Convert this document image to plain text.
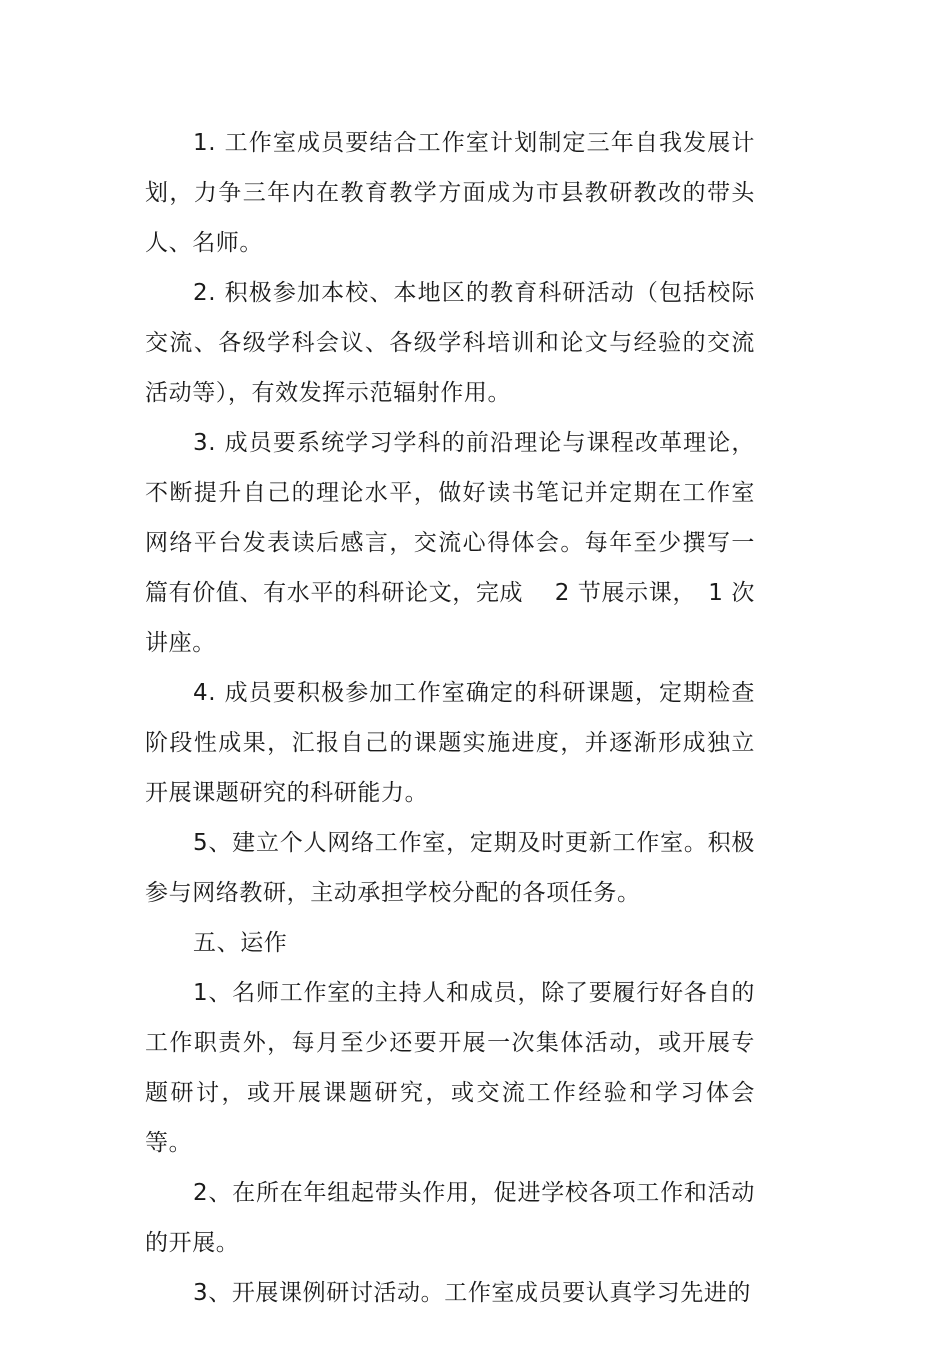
1. 工作室成员要结合工作室计划制定三年自我发展计划，力争三年内在教育教学方面成为市县教研教改的带头人、名师。

2. 积极参加本校、本地区的教育科研活动（包括校际交流、各级学科会议、各级学科培训和论文与经验的交流活动等），有效发挥示范辐射作用。

3. 成员要系统学习学科的前沿理论与课程改革理论，不断提升自己的理论水平，做好读书笔记并定期在工作室网络平台发表读后感言，交流心得体会。每年至少撰写一篇有价值、有水平的科研论文，完成　 2 节展示课，　1 次讲座。

4. 成员要积极参加工作室确定的科研课题，定期检查阶段性成果，汇报自己的课题实施进度，并逐渐形成独立开展课题研究的科研能力。

5、建立个人网络工作室，定期及时更新工作室。积极参与网络教研，主动承担学校分配的各项任务。

五、运作

1、名师工作室的主持人和成员，除了要履行好各自的工作职责外，每月至少还要开展一次集体活动，或开展专题研讨，或开展课题研究，或交流工作经验和学习体会等。

2、在所在年组起带头作用，促进学校各项工作和活动的开展。

3、开展课例研讨活动。工作室成员要认真学习先进的
